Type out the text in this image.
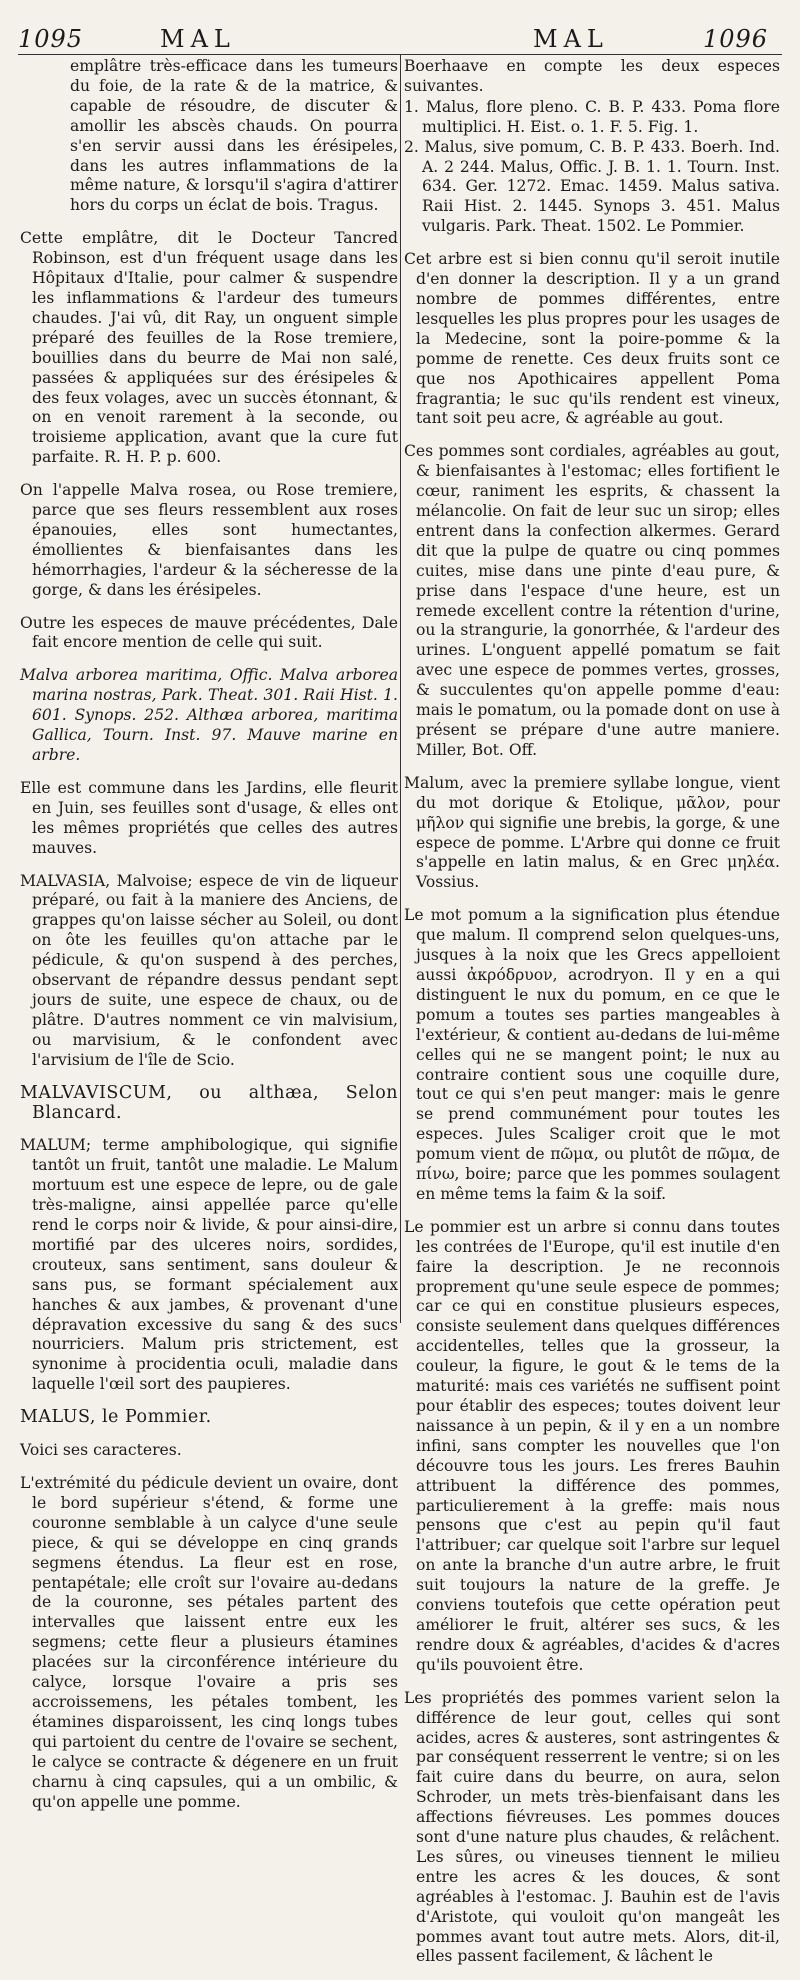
1095	MAL	MAL	1096

emplâtre très-efficace dans les tumeurs du foie, de la rate & de la matrice, & capable de résoudre, de discuter & amollir les abscès chauds. On pourra s'en servir aussi dans les érésipeles, dans les autres inflammations de la même nature, & lorsqu'il s'agira d'attirer hors du corps un éclat de bois. Tragus.

Cette emplâtre, dit le Docteur Tancred Robinson, est d'un fréquent usage dans les Hôpitaux d'Italie, pour calmer & suspendre les inflammations & l'ardeur des tumeurs chaudes. J'ai vû, dit Ray, un onguent simple préparé des feuilles de la Rose tremiere, bouillies dans du beurre de Mai non salé, passées & appliquées sur des érésipeles & des feux volages, avec un succès étonnant, & on en venoit rarement à la seconde, ou troisieme application, avant que la cure fut parfaite. R. H. P. p. 600.

On l'appelle Malva rosea, ou Rose tremiere, parce que ses fleurs ressemblent aux roses épanouies, elles sont humectantes, émollientes & bienfaisantes dans les hémorrhagies, l'ardeur & la sécheresse de la gorge, & dans les érésipeles.

Outre les especes de mauve précédentes, Dale fait encore mention de celle qui suit.

Malva arborea maritima, Offic. Malva arborea marina nostras, Park. Theat. 301. Raii Hist. 1. 601. Synops. 252. Althæa arborea, maritima Gallica, Tourn. Inst. 97. Mauve marine en arbre.

Elle est commune dans les Jardins, elle fleurit en Juin, ses feuilles sont d'usage, & elles ont les mêmes propriétés que celles des autres mauves.

MALVASIA, Malvoise; espece de vin de liqueur préparé, ou fait à la maniere des Anciens, de grappes qu'on laisse sécher au Soleil, ou dont on ôte les feuilles qu'on attache par le pédicule, & qu'on suspend à des perches, observant de répandre dessus pendant sept jours de suite, une espece de chaux, ou de plâtre. D'autres nomment ce vin malvisium, ou marvisium, & le confondent avec l'arvisium de l'île de Scio.

MALVAVISCUM, ou althæa, Selon Blancard.

MALUM; terme amphibologique, qui signifie tantôt un fruit, tantôt une maladie. Le Malum mortuum est une espece de lepre, ou de gale très-maligne, ainsi appellée parce qu'elle rend le corps noir & livide, & pour ainsi-dire, mortifié par des ulceres noirs, sordides, crouteux, sans sentiment, sans douleur & sans pus, se formant spécialement aux hanches & aux jambes, & provenant d'une dépravation excessive du sang & des sucs nourriciers. Malum pris strictement, est synonime à procidentia oculi, maladie dans laquelle l'œil sort des paupieres.

MALUS, le Pommier.

Voici ses caracteres.

L'extrémité du pédicule devient un ovaire, dont le bord supérieur s'étend, & forme une couronne semblable à un calyce d'une seule piece, & qui se développe en cinq grands segmens étendus. La fleur est en rose, pentapétale; elle croît sur l'ovaire au-dedans de la couronne, ses pétales partent des intervalles que laissent entre eux les segmens; cette fleur a plusieurs étamines placées sur la circonférence intérieure du calyce, lorsque l'ovaire a pris ses accroissemens, les pétales tombent, les étamines disparoissent, les cinq longs tubes qui partoient du centre de l'ovaire se sechent, le calyce se contracte & dégenere en un fruit charnu à cinq capsules, qui a un ombilic, & qu'on appelle une pomme.

Boerhaave en compte les deux especes suivantes.

1. Malus, flore pleno. C. B. P. 433. Poma flore multiplici. H. Eist. o. 1. F. 5. Fig. 1.

2. Malus, sive pomum, C. B. P. 433. Boerh. Ind. A. 2 244. Malus, Offic. J. B. 1. 1. Tourn. Inst. 634. Ger. 1272. Emac. 1459. Malus sativa. Raii Hist. 2. 1445. Synops 3. 451. Malus vulgaris. Park. Theat. 1502. Le Pommier.

Cet arbre est si bien connu qu'il seroit inutile d'en donner la description. Il y a un grand nombre de pommes différentes, entre lesquelles les plus propres pour les usages de la Medecine, sont la poire-pomme & la pomme de renette. Ces deux fruits sont ce que nos Apothicaires appellent Poma fragrantia; le suc qu'ils rendent est vineux, tant soit peu acre, & agréable au gout.

Ces pommes sont cordiales, agréables au gout, & bienfaisantes à l'estomac; elles fortifient le cœur, raniment les esprits, & chassent la mélancolie. On fait de leur suc un sirop; elles entrent dans la confection alkermes. Gerard dit que la pulpe de quatre ou cinq pommes cuites, mise dans une pinte d'eau pure, & prise dans l'espace d'une heure, est un remede excellent contre la rétention d'urine, ou la strangurie, la gonorrhée, & l'ardeur des urines. L'onguent appellé pomatum se fait avec une espece de pommes vertes, grosses, & succulentes qu'on appelle pomme d'eau: mais le pomatum, ou la pomade dont on use à présent se prépare d'une autre maniere. Miller, Bot. Off.

Malum, avec la premiere syllabe longue, vient du mot dorique & Etolique, μᾶλον, pour μῆλον qui signifie une brebis, la gorge, & une espece de pomme. L'Arbre qui donne ce fruit s'appelle en latin malus, & en Grec μηλέα. Vossius.

Le mot pomum a la signification plus étendue que malum. Il comprend selon quelques-uns, jusques à la noix que les Grecs appelloient aussi ἀκρόδρυον, acrodryon. Il y en a qui distinguent le nux du pomum, en ce que le pomum a toutes ses parties mangeables à l'extérieur, & contient au-dedans de lui-même celles qui ne se mangent point; le nux au contraire contient sous une coquille dure, tout ce qui s'en peut manger: mais le genre se prend communément pour toutes les especes. Jules Scaliger croit que le mot pomum vient de πῶμα, ou plutôt de πῶμα, de πίνω, boire; parce que les pommes soulagent en même tems la faim & la soif.

Le pommier est un arbre si connu dans toutes les contrées de l'Europe, qu'il est inutile d'en faire la description. Je ne reconnois proprement qu'une seule espece de pommes; car ce qui en constitue plusieurs especes, consiste seulement dans quelques différences accidentelles, telles que la grosseur, la couleur, la figure, le gout & le tems de la maturité: mais ces variétés ne suffisent point pour établir des especes; toutes doivent leur naissance à un pepin, & il y en a un nombre infini, sans compter les nouvelles que l'on découvre tous les jours. Les freres Bauhin attribuent la différence des pommes, particulierement à la greffe: mais nous pensons que c'est au pepin qu'il faut l'attribuer; car quelque soit l'arbre sur lequel on ante la branche d'un autre arbre, le fruit suit toujours la nature de la greffe. Je conviens toutefois que cette opération peut améliorer le fruit, altérer ses sucs, & les rendre doux & agréables, d'acides & d'acres qu'ils pouvoient être.

Les propriétés des pommes varient selon la différence de leur gout, celles qui sont acides, acres & austeres, sont astringentes & par conséquent resserrent le ventre; si on les fait cuire dans du beurre, on aura, selon Schroder, un mets très-bienfaisant dans les affections fiévreuses. Les pommes douces sont d'une nature plus chaudes, & relâchent. Les sûres, ou vineuses tiennent le milieu entre les acres & les douces, & sont agréables à l'estomac. J. Bauhin est de l'avis d'Aristote, qui vouloit qu'on mangeât les pommes avant tout autre mets. Alors, dit-il, elles passent facilement, & lâchent le
